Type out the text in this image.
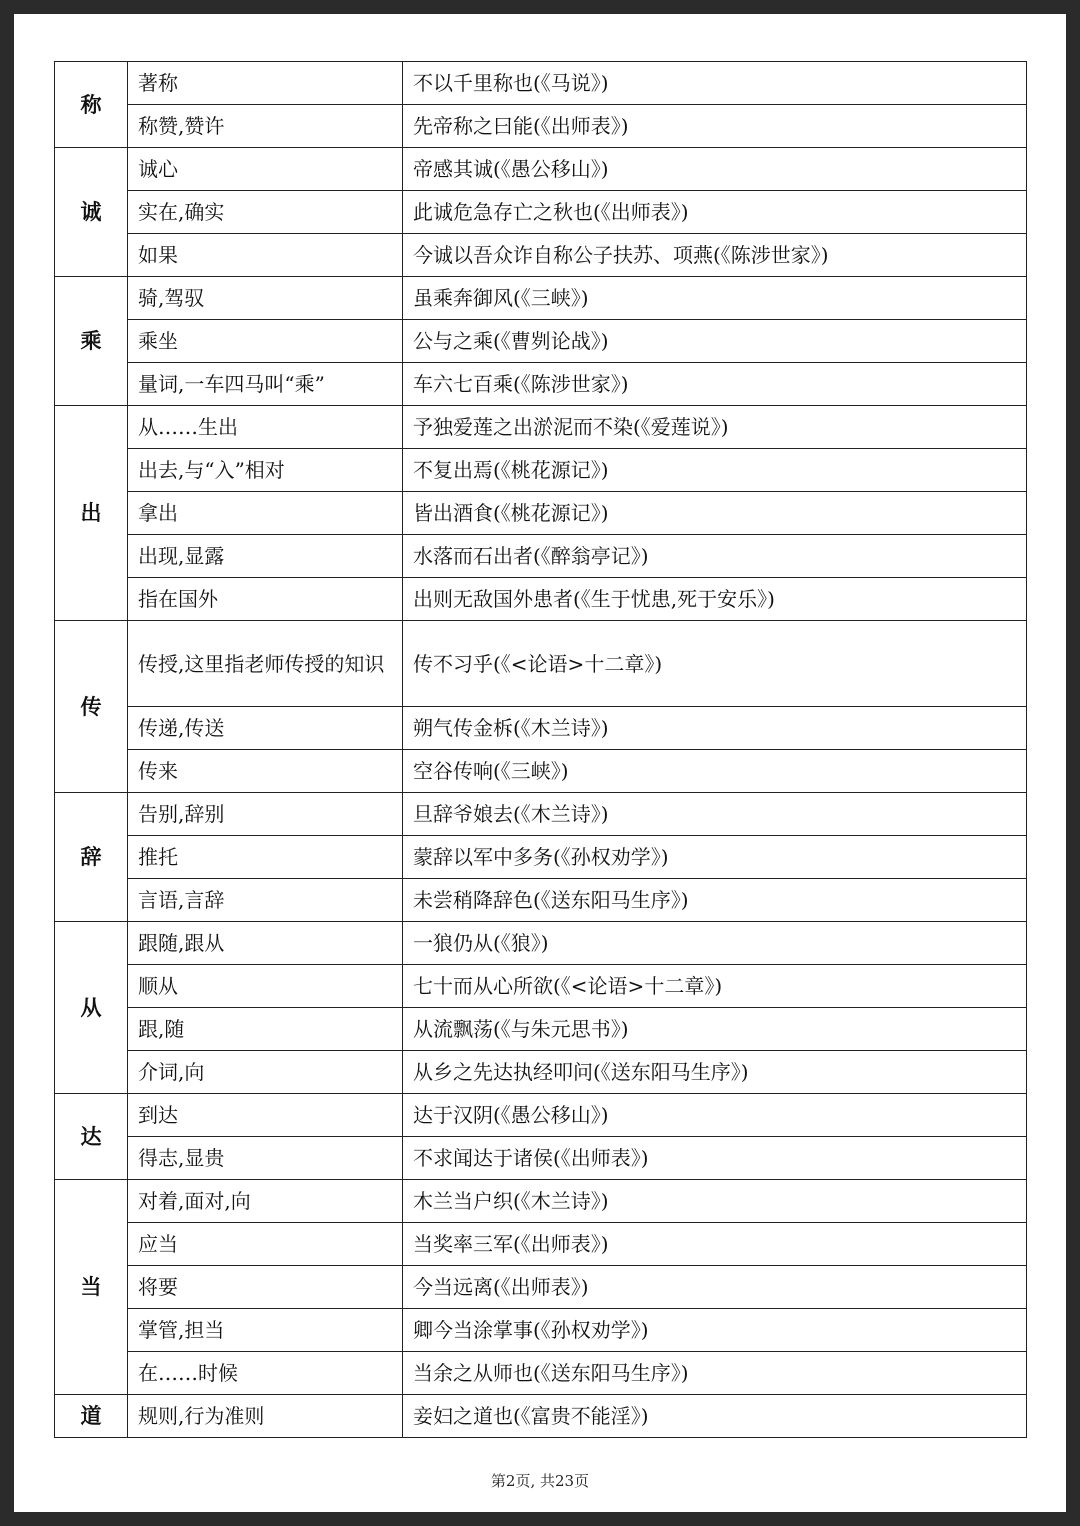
称	著称	不以千里称也(《马说》)
	称赞,赞许	先帝称之曰能(《出师表》)
诚	诚心	帝感其诚(《愚公移山》)
	实在,确实	此诚危急存亡之秋也(《出师表》)
	如果	今诚以吾众诈自称公子扶苏、项燕(《陈涉世家》)
乘	骑,驾驭	虽乘奔御风(《三峡》)
	乘坐	公与之乘(《曹刿论战》)
	量词,一车四马叫“乘”	车六七百乘(《陈涉世家》)
出	从……生出	予独爱莲之出淤泥而不染(《爱莲说》)
	出去,与“入”相对	不复出焉(《桃花源记》)
	拿出	皆出酒食(《桃花源记》)
	出现,显露	水落而石出者(《醉翁亭记》)
	指在国外	出则无敌国外患者(《生于忧患,死于安乐》)
传	传授,这里指老师传授的知识	传不习乎(《<论语>十二章》)
	传递,传送	朔气传金柝(《木兰诗》)
	传来	空谷传响(《三峡》)
辞	告别,辞别	旦辞爷娘去(《木兰诗》)
	推托	蒙辞以军中多务(《孙权劝学》)
	言语,言辞	未尝稍降辞色(《送东阳马生序》)
从	跟随,跟从	一狼仍从(《狼》)
	顺从	七十而从心所欲(《<论语>十二章》)
	跟,随	从流飘荡(《与朱元思书》)
	介词,向	从乡之先达执经叩问(《送东阳马生序》)
达	到达	达于汉阴(《愚公移山》)
	得志,显贵	不求闻达于诸侯(《出师表》)
当	对着,面对,向	木兰当户织(《木兰诗》)
	应当	当奖率三军(《出师表》)
	将要	今当远离(《出师表》)
	掌管,担当	卿今当涂掌事(《孙权劝学》)
	在……时候	当余之从师也(《送东阳马生序》)
道	规则,行为准则	妾妇之道也(《富贵不能淫》)
第2页, 共23页
